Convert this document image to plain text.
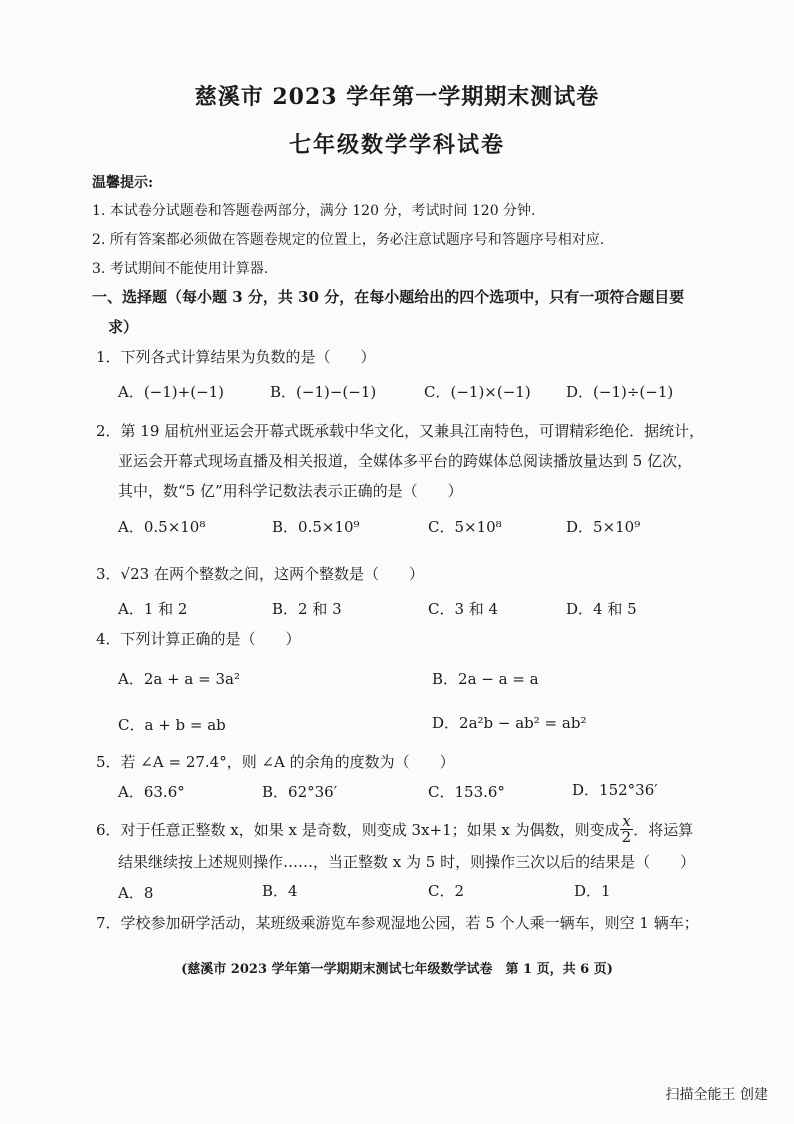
慈溪市 2023 学年第一学期期末测试卷
七年级数学学科试卷
温馨提示:
1. 本试卷分试题卷和答题卷两部分，满分 120 分，考试时间 120 分钟.
2. 所有答案都必须做在答题卷规定的位置上，务必注意试题序号和答题序号相对应.
3. 考试期间不能使用计算器.
一、选择题（每小题 3 分，共 30 分，在每小题给出的四个选项中，只有一项符合题目要
求）
1．下列各式计算结果为负数的是（　　）
A．(−1)+(−1)	B．(−1)−(−1)	C．(−1)×(−1) D．(−1)÷(−1)
2．第 19 届杭州亚运会开幕式既承载中华文化，又兼具江南特色，可谓精彩绝伦．据统计，
亚运会开幕式现场直播及相关报道，全媒体多平台的跨媒体总阅读播放量达到 5 亿次，
其中，数“5 亿”用科学记数法表示正确的是（　　）
A．0.5×10⁸	B．0.5×10⁹	C．5×10⁸	D．5×10⁹
3．√23 在两个整数之间，这两个整数是（　　）
A．1 和 2	B．2 和 3	C．3 和 4	D．4 和 5
4．下列计算正确的是（　　）
A．2a + a = 3a²	B．2a − a = a
C．a + b = ab	D．2a²b − ab² = ab²
5．若 ∠A = 27.4°，则 ∠A 的余角的度数为（　　）
A．63.6°	B．62°36′	C．153.6°	D．152°36′
6．对于任意正整数 x，如果 x 是奇数，则变成 3x+1；如果 x 为偶数，则变成 $\frac{x}{2}$ ．将运算
结果继续按上述规则操作……，当正整数 x 为 5 时，则操作三次以后的结果是（　　）
A．8	B．4	C．2	D．1
7．学校参加研学活动，某班级乘游览车参观湿地公园，若 5 个人乘一辆车，则空 1 辆车；
(慈溪市 2023 学年第一学期期末测试七年级数学试卷　第 1 页，共 6 页)
扫描全能王 创建
